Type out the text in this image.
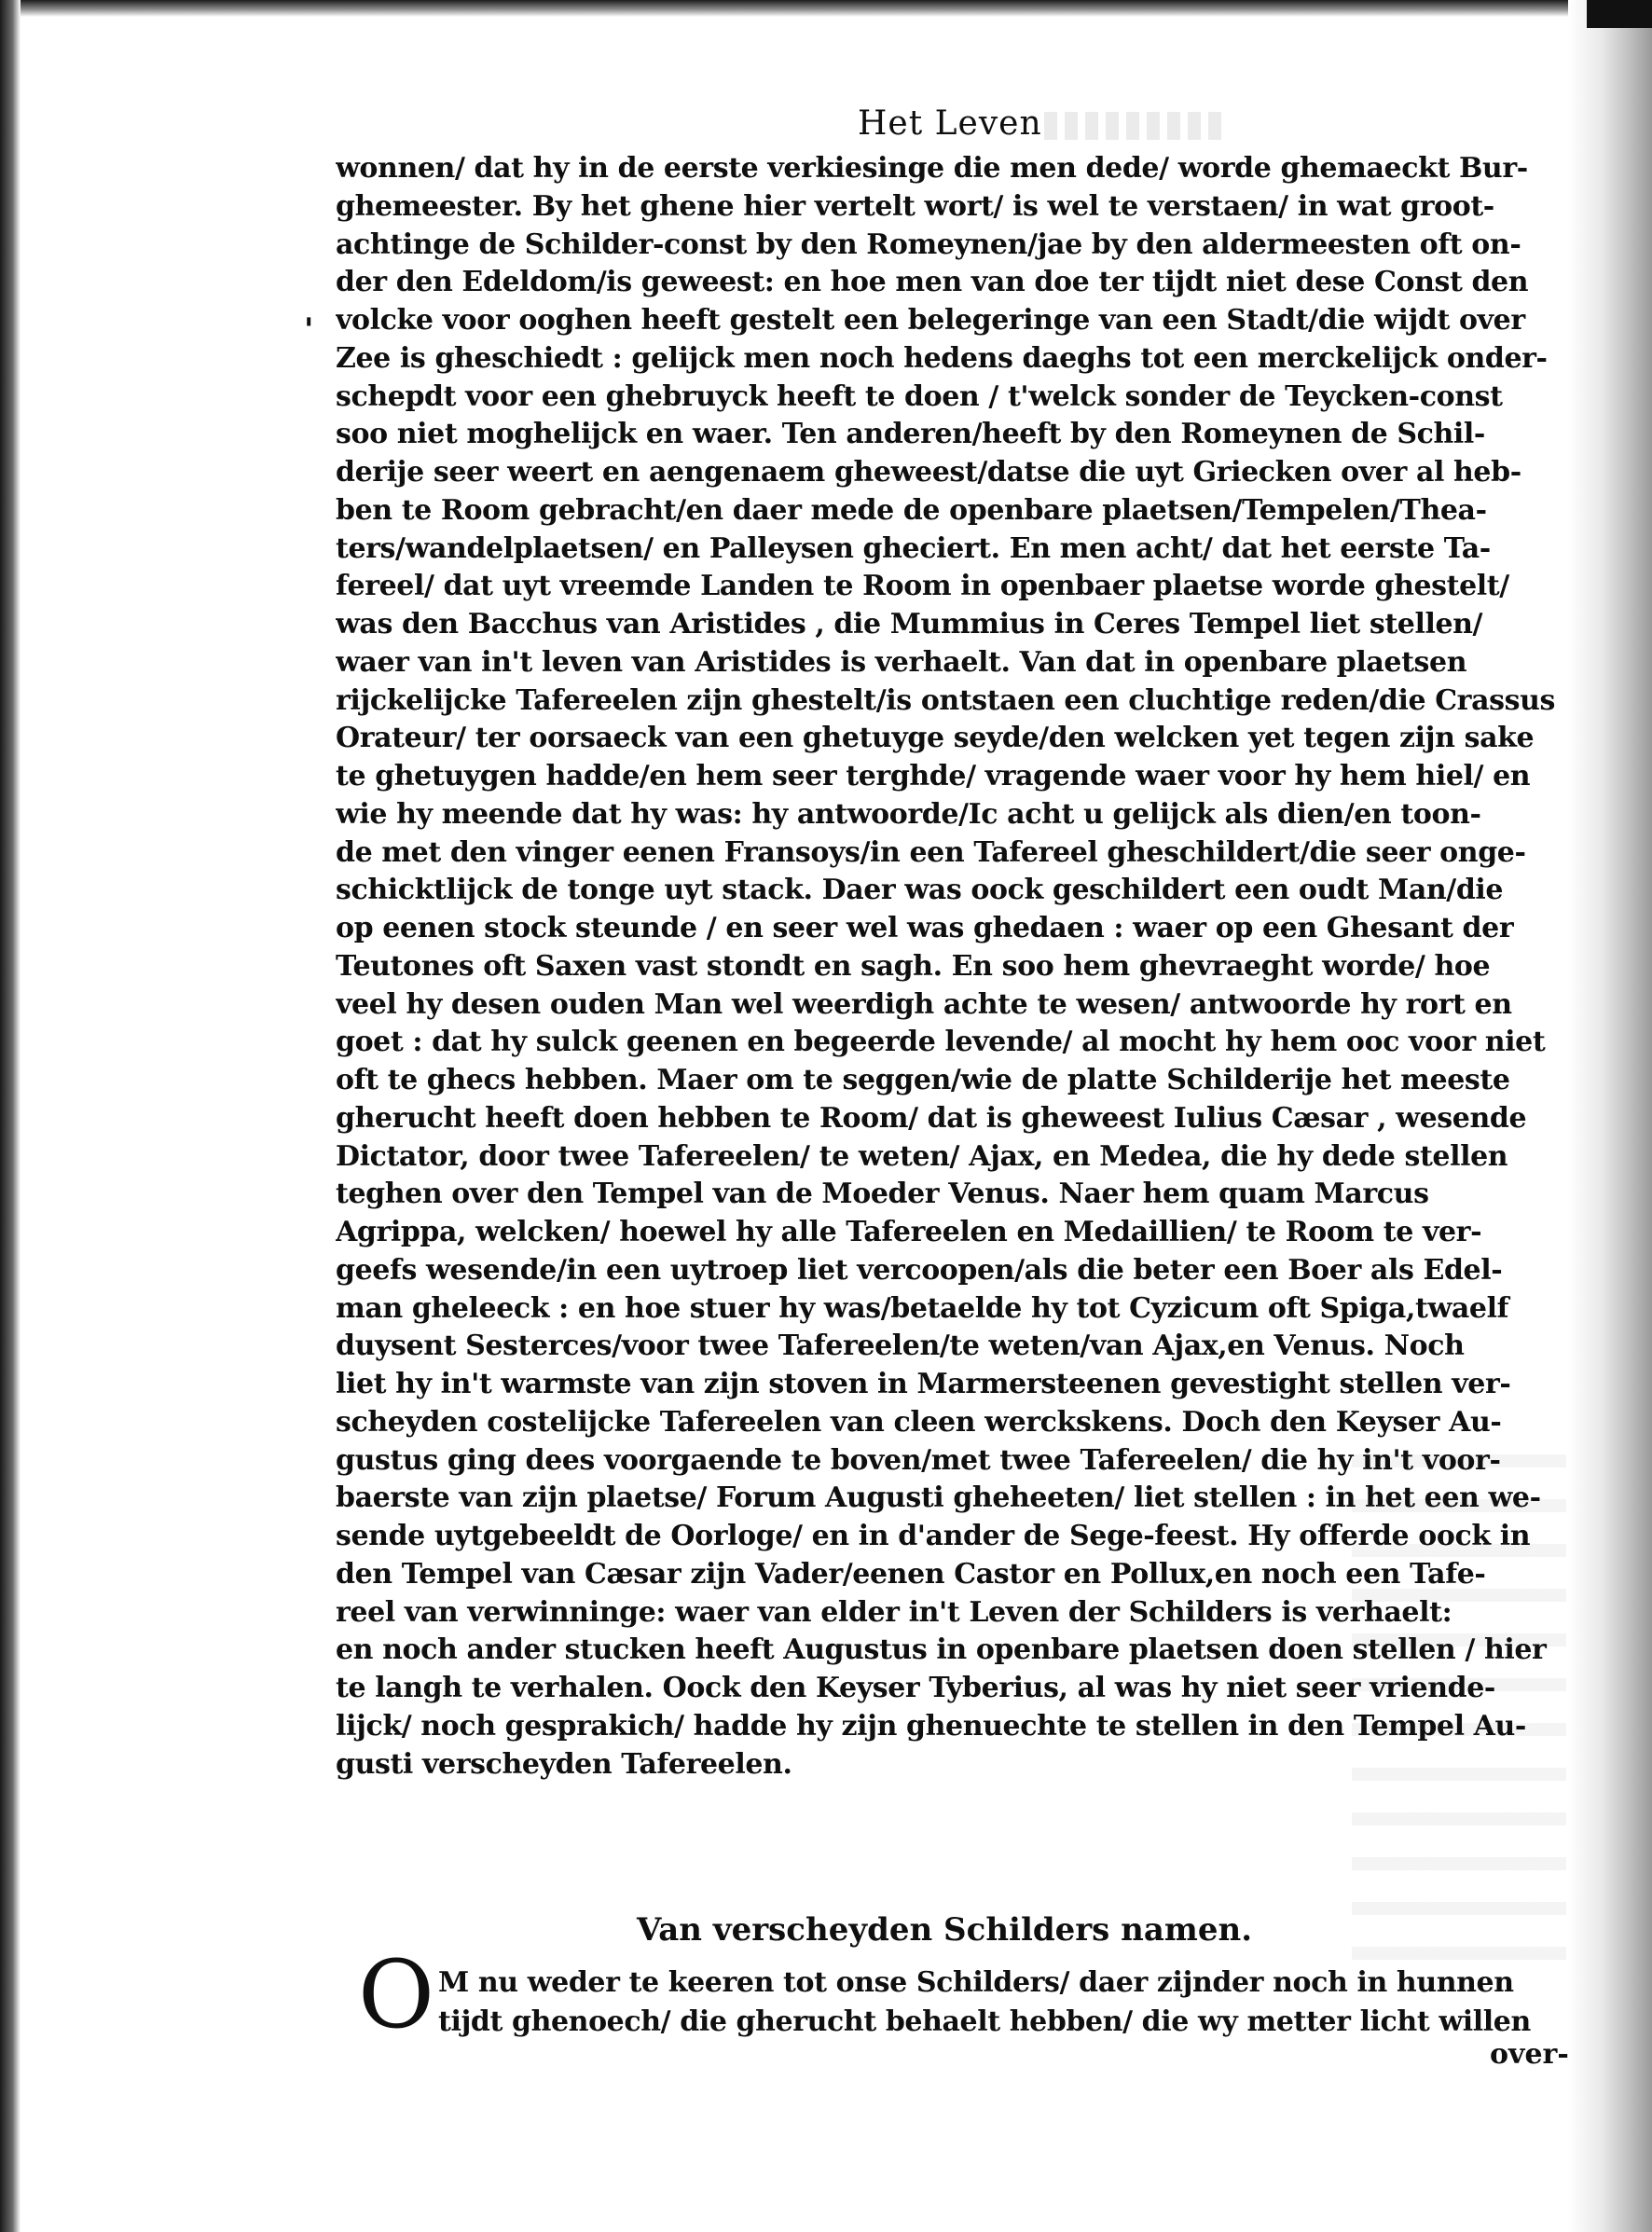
'
Het Leven
wonnen/ dat hy in de eerste verkiesinge die men dede/ worde ghemaeckt Bur-
ghemeester. By het ghene hier vertelt wort/ is wel te verstaen/ in wat groot-
achtinge de Schilder-const by den Romeynen/jae by den aldermeesten oft on-
der den Edeldom/is geweest: en hoe men van doe ter tijdt niet dese Const den
volcke voor ooghen heeft gestelt een belegeringe van een Stadt/die wijdt over
Zee is gheschiedt : gelijck men noch hedens daeghs tot een merckelijck onder-
schepdt voor een ghebruyck heeft te doen / t'welck sonder de Teycken-const
soo niet moghelijck en waer. Ten anderen/heeft by den Romeynen de Schil-
derije seer weert en aengenaem gheweest/datse die uyt Griecken over al heb-
ben te Room gebracht/en daer mede de openbare plaetsen/Tempelen/Thea-
ters/wandelplaetsen/ en Palleysen gheciert. En men acht/ dat het eerste Ta-
fereel/ dat uyt vreemde Landen te Room in openbaer plaetse worde ghestelt/
was den Bacchus van Aristides , die Mummius in Ceres Tempel liet stellen/
waer van in't leven van Aristides is verhaelt. Van dat in openbare plaetsen
rijckelijcke Tafereelen zijn ghestelt/is ontstaen een cluchtige reden/die Crassus
Orateur/ ter oorsaeck van een ghetuyge seyde/den welcken yet tegen zijn sake
te ghetuygen hadde/en hem seer terghde/ vragende waer voor hy hem hiel/ en
wie hy meende dat hy was: hy antwoorde/Ic acht u gelijck als dien/en toon-
de met den vinger eenen Fransoys/in een Tafereel gheschildert/die seer onge-
schicktlijck de tonge uyt stack. Daer was oock geschildert een oudt Man/die
op eenen stock steunde / en seer wel was ghedaen : waer op een Ghesant der
Teutones oft Saxen vast stondt en sagh. En soo hem ghevraeght worde/ hoe
veel hy desen ouden Man wel weerdigh achte te wesen/ antwoorde hy rort en
goet : dat hy sulck geenen en begeerde levende/ al mocht hy hem ooc voor niet
oft te ghecs hebben. Maer om te seggen/wie de platte Schilderije het meeste
gherucht heeft doen hebben te Room/ dat is gheweest Iulius Cæsar , wesende
Dictator, door twee Tafereelen/ te weten/ Ajax, en Medea, die hy dede stellen
teghen over den Tempel van de Moeder Venus. Naer hem quam Marcus
Agrippa, welcken/ hoewel hy alle Tafereelen en Medaillien/ te Room te ver-
geefs wesende/in een uytroep liet vercoopen/als die beter een Boer als Edel-
man gheleeck : en hoe stuer hy was/betaelde hy tot Cyzicum oft Spiga,twaelf
duysent Sesterces/voor twee Tafereelen/te weten/van Ajax,en Venus. Noch
liet hy in't warmste van zijn stoven in Marmersteenen gevestight stellen ver-
scheyden costelijcke Tafereelen van cleen werckskens. Doch den Keyser Au-
gustus ging dees voorgaende te boven/met twee Tafereelen/ die hy in't voor-
baerste van zijn plaetse/ Forum Augusti gheheeten/ liet stellen : in het een we-
sende uytgebeeldt de Oorloge/ en in d'ander de Sege-feest. Hy offerde oock in
den Tempel van Cæsar zijn Vader/eenen Castor en Pollux,en noch een Tafe-
reel van verwinninge: waer van elder in't Leven der Schilders is verhaelt:
en noch ander stucken heeft Augustus in openbare plaetsen doen stellen / hier
te langh te verhalen. Oock den Keyser Tyberius, al was hy niet seer vriende-
lijck/ noch gesprakich/ hadde hy zijn ghenuechte te stellen in den Tempel Au-
gusti verscheyden Tafereelen.
Van verscheyden Schilders namen.
O M nu weder te keeren tot onse Schilders/ daer zijnder noch in hunnen
tijdt ghenoech/ die gherucht behaelt hebben/ die wy metter licht willen
over-
